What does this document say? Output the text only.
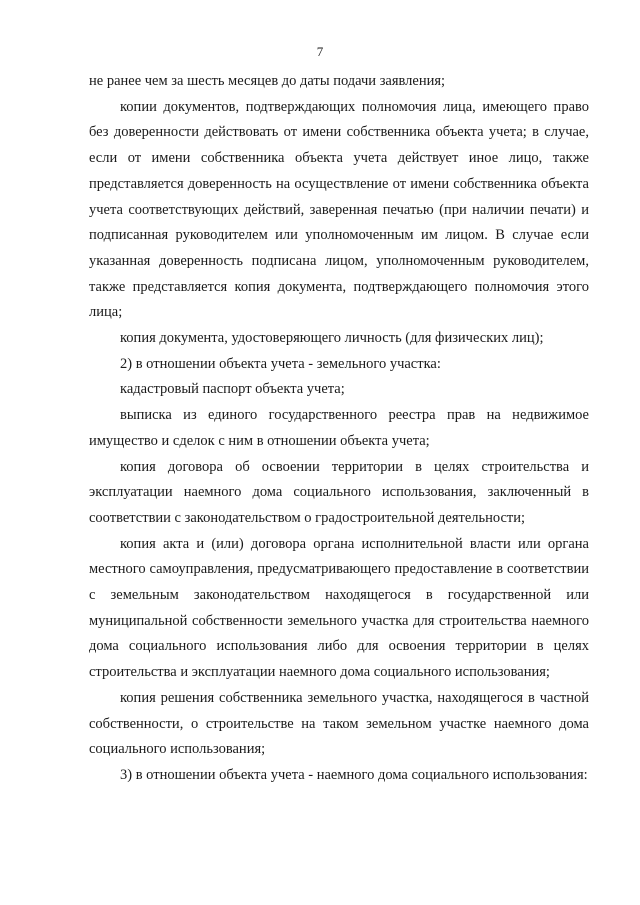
7

не ранее чем за шесть месяцев до даты подачи заявления;

копии документов, подтверждающих полномочия лица, имеющего право без доверенности действовать от имени собственника объекта учета; в случае, если от имени собственника объекта учета действует иное лицо, также представляется доверенность на осуществление от имени собственника объекта учета соответствующих действий, заверенная печатью (при наличии печати) и подписанная руководителем или уполномоченным им лицом. В случае если указанная доверенность подписана лицом, уполномоченным руководителем, также представляется копия документа, подтверждающего полномочия этого лица;

копия документа, удостоверяющего личность (для физических лиц);

2) в отношении объекта учета - земельного участка:

кадастровый паспорт объекта учета;

выписка из единого государственного реестра прав на недвижимое имущество и сделок с ним в отношении объекта учета;

копия договора об освоении территории в целях строительства и эксплуатации наемного дома социального использования, заключенный в соответствии с законодательством о градостроительной деятельности;

копия акта и (или) договора органа исполнительной власти или органа местного самоуправления, предусматривающего предоставление в соответствии с земельным законодательством находящегося в государственной или муниципальной собственности земельного участка для строительства наемного дома социального использования либо для освоения территории в целях строительства и эксплуатации наемного дома социального использования;

копия решения собственника земельного участка, находящегося в частной собственности, о строительстве на таком земельном участке наемного дома социального использования;

3) в отношении объекта учета - наемного дома социального использования:
